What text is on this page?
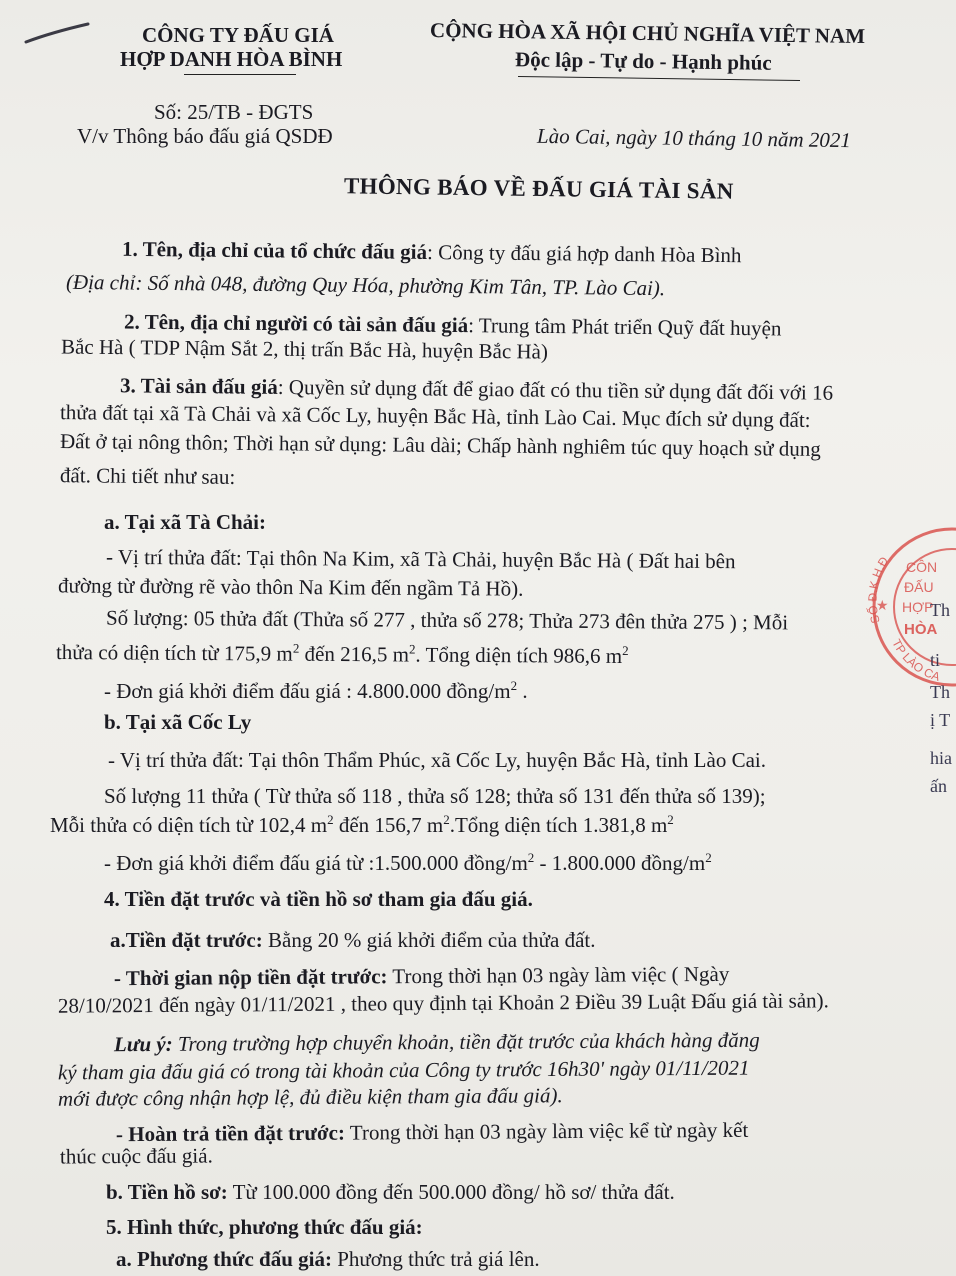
CÔNG TY ĐẤU GIÁ
HỢP DANH HÒA BÌNH
CỘNG HÒA XÃ HỘI CHỦ NGHĨA VIỆT NAM
Độc lập - Tự do - Hạnh phúc
Số: 25/TB - ĐGTS
V/v Thông báo đấu giá QSDĐ	Lào Cai, ngày 10 tháng 10 năm 2021
THÔNG BÁO VỀ ĐẤU GIÁ TÀI SẢN
1. Tên, địa chỉ của tổ chức đấu giá: Công ty đấu giá hợp danh Hòa Bình
(Địa chỉ: Số nhà 048, đường Quy Hóa, phường Kim Tân, TP. Lào Cai).
2. Tên, địa chỉ người có tài sản đấu giá: Trung tâm Phát triển Quỹ đất huyện
Bắc Hà ( TDP Nậm Sắt 2, thị trấn Bắc Hà, huyện Bắc Hà)
3. Tài sản đấu giá: Quyền sử dụng đất để giao đất có thu tiền sử dụng đất đối với 16
thửa đất tại xã Tà Chải và xã Cốc Ly, huyện Bắc Hà, tỉnh Lào Cai. Mục đích sử dụng đất:
Đất ở tại nông thôn; Thời hạn sử dụng: Lâu dài; Chấp hành nghiêm túc quy hoạch sử dụng
đất. Chi tiết như sau:
a. Tại xã Tà Chải:
- Vị trí thửa đất: Tại thôn Na Kim, xã Tà Chải, huyện Bắc Hà ( Đất hai bên
đường từ đường rẽ vào thôn Na Kim đến ngầm Tả Hồ).
Số lượng: 05 thửa đất (Thửa số 277 , thửa số 278; Thửa 273 đên thửa 275 ) ; Mỗi
thửa có diện tích từ 175,9 $m^2$ đến 216,5 $m^2$. Tổng diện tích 986,6 $m^2$
- Đơn giá khởi điểm đấu giá : 4.800.000 đồng/$m^2$ .
b. Tại xã Cốc Ly
- Vị trí thửa đất: Tại thôn Thẩm Phúc, xã Cốc Ly, huyện Bắc Hà, tỉnh Lào Cai.
Số lượng 11 thửa ( Từ thửa số 118 , thửa số 128; thửa số 131 đến thửa số 139);
Mỗi thửa có diện tích từ 102,4 $m^2$ đến 156,7 $m^2.Tổng$ diện tích 1.381,8 $m^2$
- Đơn giá khởi điểm đấu giá từ :1.500.000 đồng/$m^2 - 1.800.000$ đồng/$m^2$
4. Tiền đặt trước và tiền hồ sơ tham gia đấu giá.
a.Tiền đặt trước: Bằng 20 % giá khởi điểm của thửa đất.
- Thời gian nộp tiền đặt trước: Trong thời hạn 03 ngày làm việc ( Ngày
28/10/2021 đến ngày 01/11/2021 , theo quy định tại Khoản 2 Điều 39 Luật Đấu giá tài sản).
Lưu ý: Trong trường hợp chuyển khoản, tiền đặt trước của khách hàng đăng
ký tham gia đấu giá có trong tài khoản của Công ty trước 16h30' ngày 01/11/2021
mới được công nhận hợp lệ, đủ điều kiện tham gia đấu giá).
- Hoàn trả tiền đặt trước: Trong thời hạn 03 ngày làm việc kể từ ngày kết
thúc cuộc đấu giá.
b. Tiền hồ sơ: Từ 100.000 đồng đến 500.000 đồng/ hồ sơ/ thửa đất.
5. Hình thức, phương thức đấu giá:
a. Phương thức đấu giá: Phương thức trả giá lên.
SỐ Đ.K.H.Đ
TP LÀO CA
★
CÔN
ĐẤU
HỢP
HÒA
Th
ti
Th
ị T
hia
ấn
